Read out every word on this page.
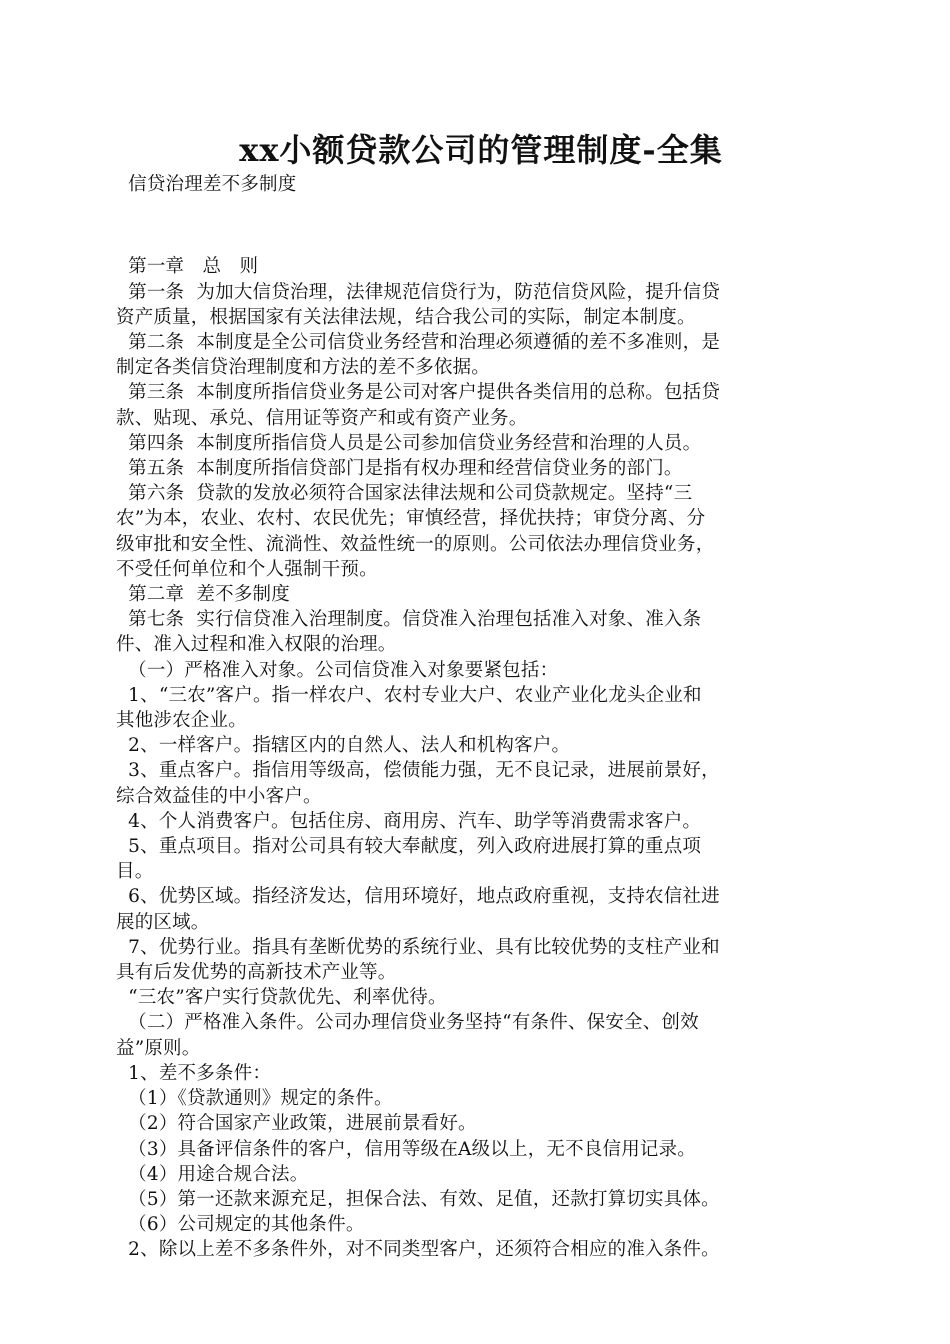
xx小额贷款公司的管理制度-全集

信贷治理差不多制度

第一章   总   则

第一条  为加大信贷治理，法律规范信贷行为，防范信贷风险，提升信贷

资产质量，根据国家有关法律法规，结合我公司的实际，制定本制度。

第二条  本制度是全公司信贷业务经营和治理必须遵循的差不多准则，是

制定各类信贷治理制度和方法的差不多依据。

第三条  本制度所指信贷业务是公司对客户提供各类信用的总称。包括贷

款、贴现、承兑、信用证等资产和或有资产业务。

第四条  本制度所指信贷人员是公司参加信贷业务经营和治理的人员。

第五条  本制度所指信贷部门是指有权办理和经营信贷业务的部门。

第六条  贷款的发放必须符合国家法律法规和公司贷款规定。坚持“三

农”为本，农业、农村、农民优先；审慎经营，择优扶持；审贷分离、分

级审批和安全性、流淌性、效益性统一的原则。公司依法办理信贷业务，

不受任何单位和个人强制干预。

第二章  差不多制度

第七条  实行信贷准入治理制度。信贷准入治理包括准入对象、准入条

件、准入过程和准入权限的治理。

（一）严格准入对象。公司信贷准入对象要紧包括：

1、“三农”客户。指一样农户、农村专业大户、农业产业化龙头企业和

其他涉农企业。

2、一样客户。指辖区内的自然人、法人和机构客户。

3、重点客户。指信用等级高，偿债能力强，无不良记录，进展前景好，

综合效益佳的中小客户。

4、个人消费客户。包括住房、商用房、汽车、助学等消费需求客户。

5、重点项目。指对公司具有较大奉献度，列入政府进展打算的重点项

目。

6、优势区域。指经济发达，信用环境好，地点政府重视，支持农信社进

展的区域。

7、优势行业。指具有垄断优势的系统行业、具有比较优势的支柱产业和

具有后发优势的高新技术产业等。

“三农”客户实行贷款优先、利率优待。

（二）严格准入条件。公司办理信贷业务坚持“有条件、保安全、创效

益”原则。

1、差不多条件：

（1）《贷款通则》规定的条件。

（2）符合国家产业政策，进展前景看好。

（3）具备评信条件的客户，信用等级在A级以上，无不良信用记录。

（4）用途合规合法。

（5）第一还款来源充足，担保合法、有效、足值，还款打算切实具体。

（6）公司规定的其他条件。

2、除以上差不多条件外，对不同类型客户，还须符合相应的准入条件。
